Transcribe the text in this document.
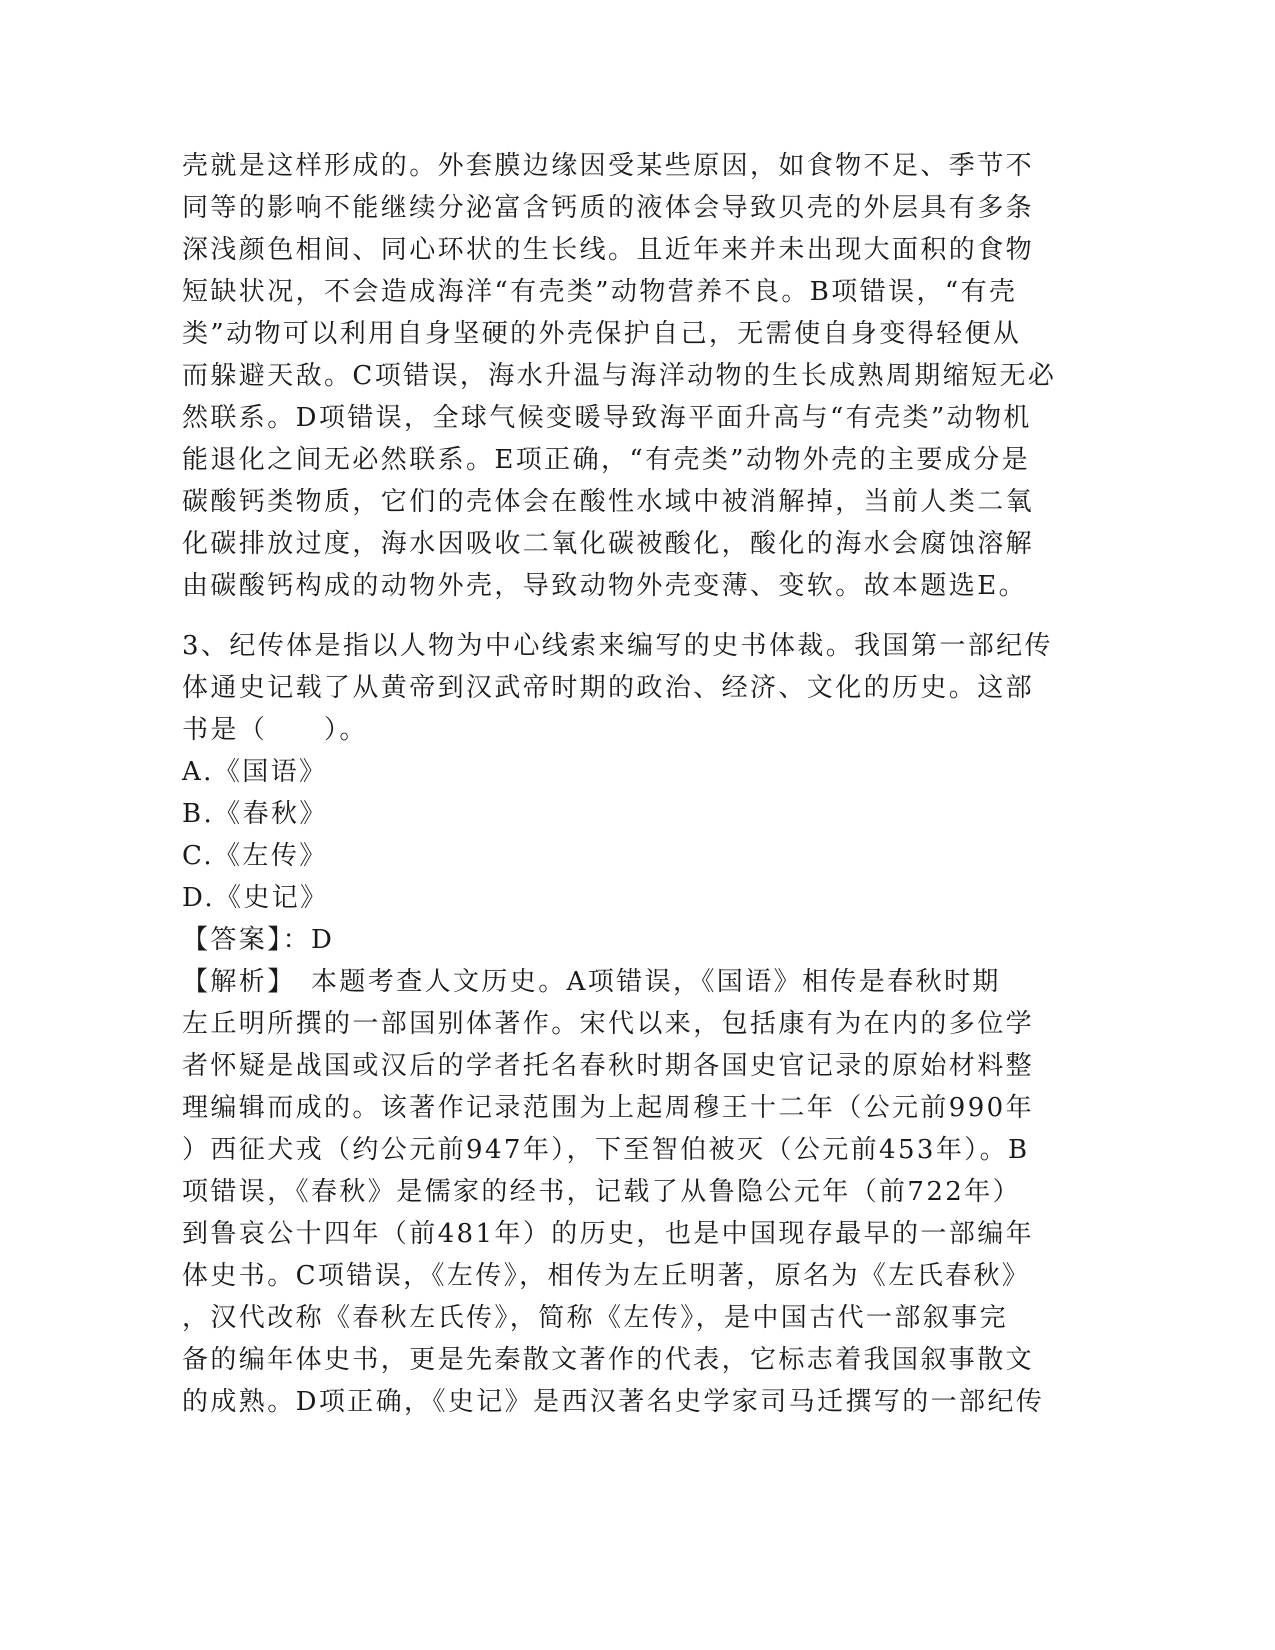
壳就是这样形成的。外套膜边缘因受某些原因，如食物不足、季节不
同等的影响不能继续分泌富含钙质的液体会导致贝壳的外层具有多条
深浅颜色相间、同心环状的生长线。且近年来并未出现大面积的食物
短缺状况，不会造成海洋“有壳类”动物营养不良。B项错误，“有壳
类”动物可以利用自身坚硬的外壳保护自己，无需使自身变得轻便从
而躲避天敌。C项错误，海水升温与海洋动物的生长成熟周期缩短无必
然联系。D项错误，全球气候变暖导致海平面升高与“有壳类”动物机
能退化之间无必然联系。E项正确，“有壳类”动物外壳的主要成分是
碳酸钙类物质，它们的壳体会在酸性水域中被消解掉，当前人类二氧
化碳排放过度，海水因吸收二氧化碳被酸化，酸化的海水会腐蚀溶解
由碳酸钙构成的动物外壳，导致动物外壳变薄、变软。故本题选E。
3、纪传体是指以人物为中心线索来编写的史书体裁。我国第一部纪传
体通史记载了从黄帝到汉武帝时期的政治、经济、文化的历史。这部
书是（　　）。
A.《国语》
B.《春秋》
C.《左传》
D.《史记》
【答案】：D
【解析】　本题考查人文历史。A项错误，《国语》相传是春秋时期
左丘明所撰的一部国别体著作。宋代以来，包括康有为在内的多位学
者怀疑是战国或汉后的学者托名春秋时期各国史官记录的原始材料整
理编辑而成的。该著作记录范围为上起周穆王十二年（公元前990年
）西征犬戎（约公元前947年），下至智伯被灭（公元前453年）。B
项错误，《春秋》是儒家的经书，记载了从鲁隐公元年（前722年）
到鲁哀公十四年（前481年）的历史，也是中国现存最早的一部编年
体史书。C项错误，《左传》，相传为左丘明著，原名为《左氏春秋》
，汉代改称《春秋左氏传》，简称《左传》，是中国古代一部叙事完
备的编年体史书，更是先秦散文著作的代表，它标志着我国叙事散文
的成熟。D项正确，《史记》是西汉著名史学家司马迁撰写的一部纪传
